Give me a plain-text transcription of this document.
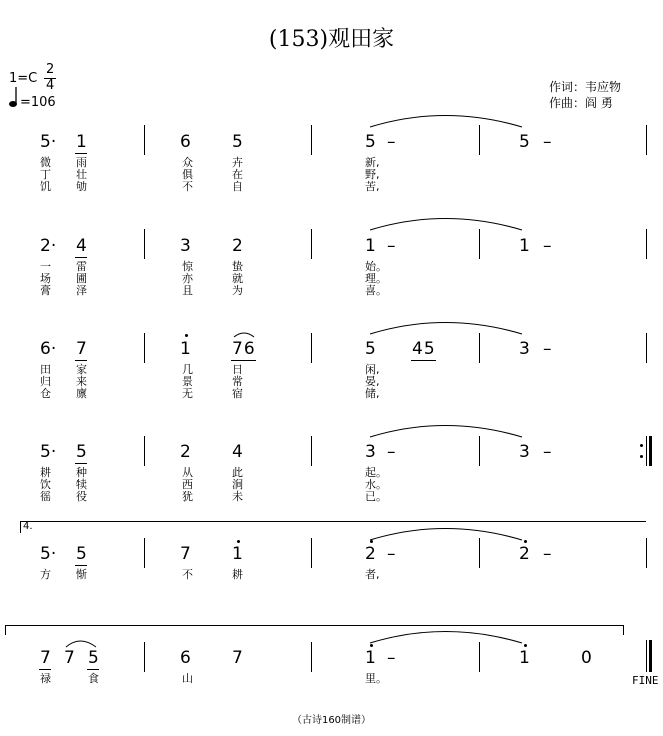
(153)观田家
1=C
2
4
=106
作词：韦应物
作曲：阎 勇
5· 1	6 5	5 –	5 –
微 雨	众	卉	新,
丁 壮	俱	在	野,
饥 劬	不	自	苦,
2· 4	3 2	1 –	1 –
一 雷	惊	蛰	始。
场 圃	亦	就	理。
膏 泽	且	为	喜。
6· 7	1 76	5 45	3 –
田 家	几	日	闲,
归 来	景	常	晏,
仓 廪	无	宿	储,
5· 5	2 4	3 –	3 –
耕 种	从	此	起。
饮 犊	西	涧	水。
徭 役	犹	未	已。
4.
5· 5	7 1	2 –	2 –
方 惭	不	耕	者,
7 7 5	6 7	1 –	1	0
FINE
禄	食	山	里。
（古诗160制谱）
